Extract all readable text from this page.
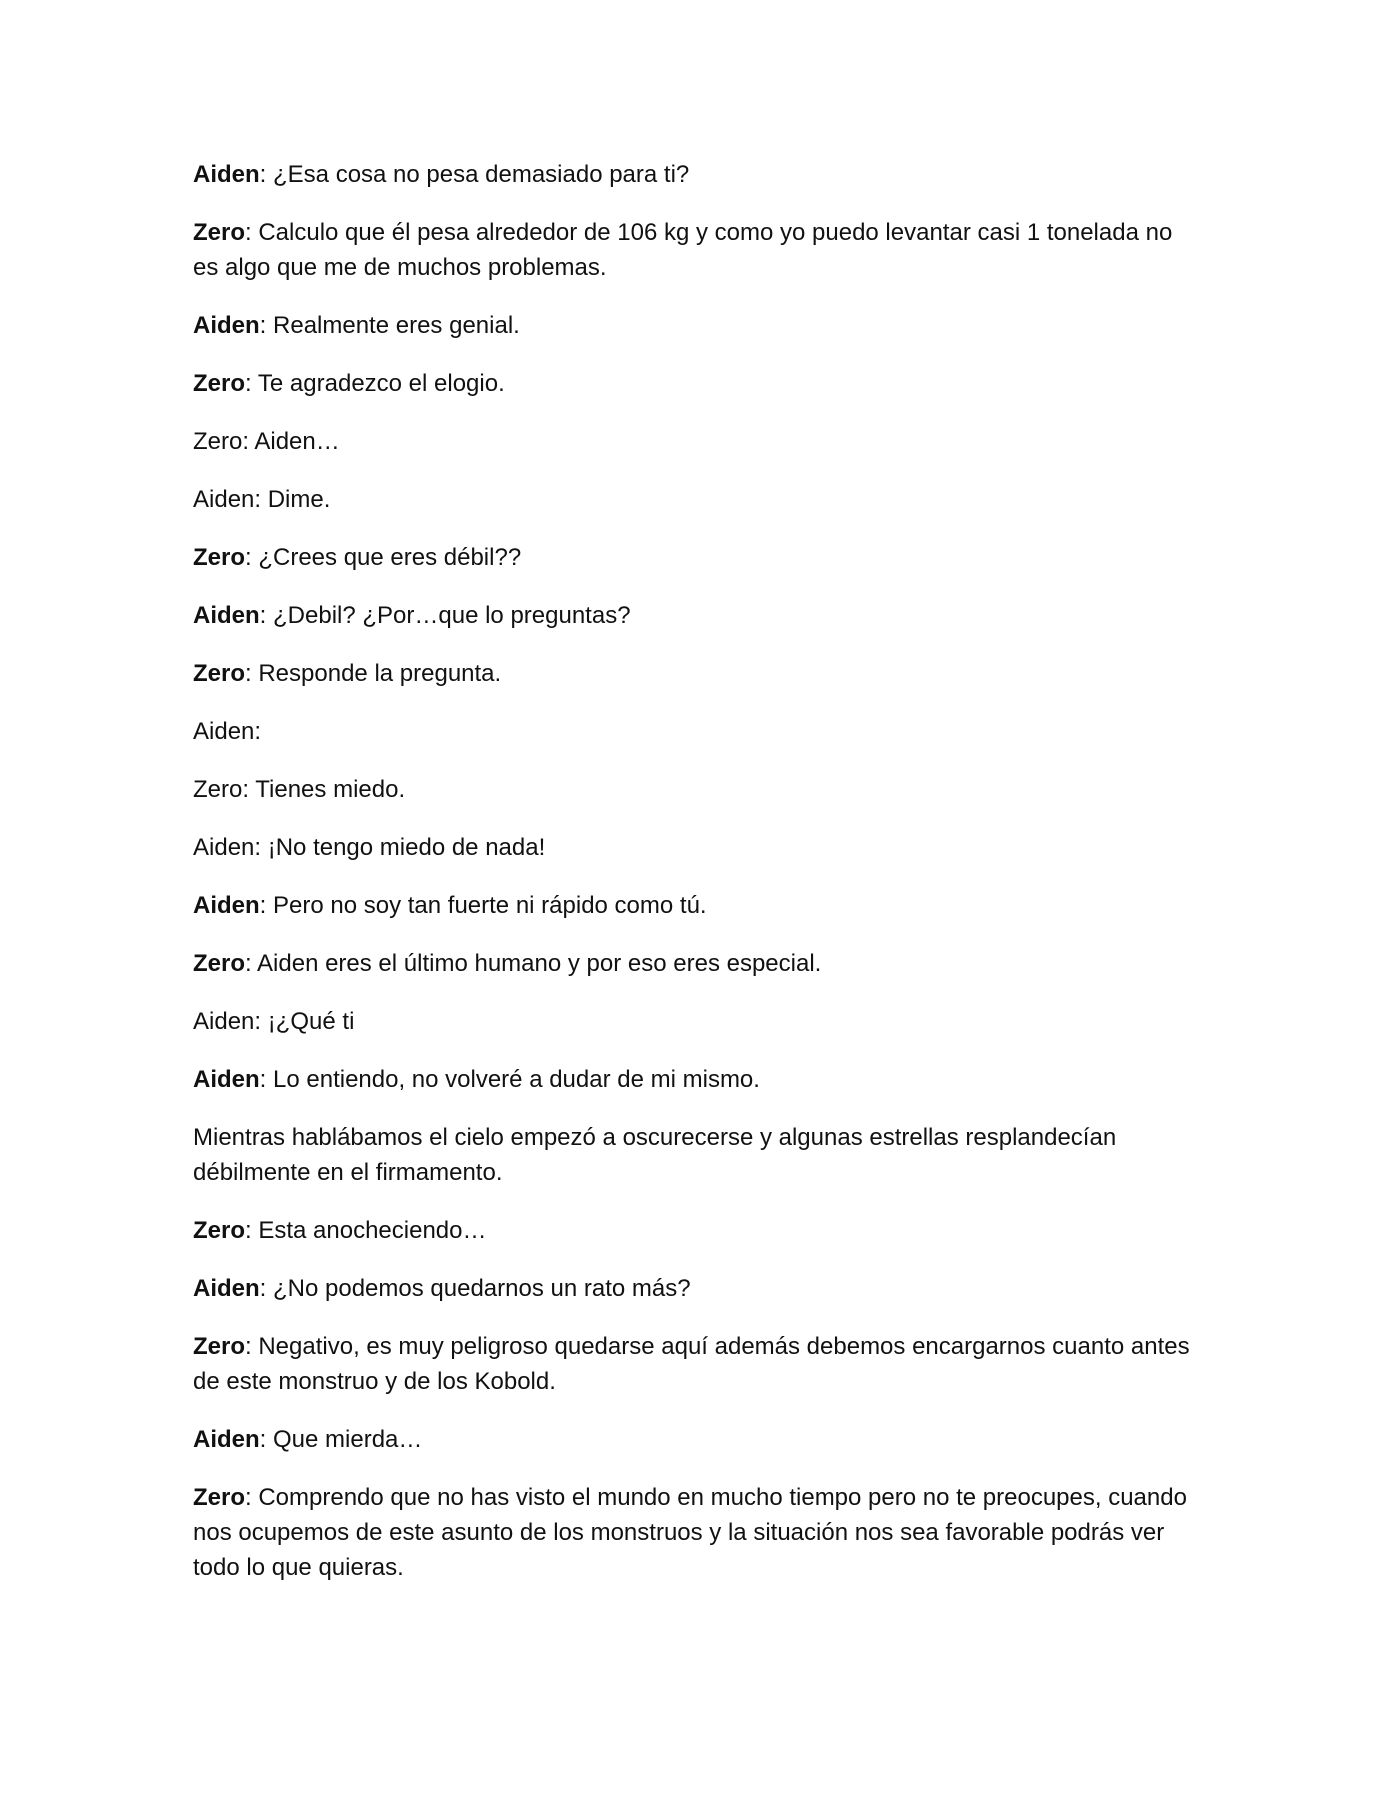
Aiden: ¿Esa cosa no pesa demasiado para ti?

Zero: Calculo que él pesa alrededor de 106 kg y como yo puedo levantar casi 1 tonelada no es algo que me de muchos problemas.

Aiden: Realmente eres genial.

Zero: Te agradezco el elogio.

Zero: Aiden…

Aiden: Dime.

Zero: ¿Crees que eres débil??

Aiden: ¿Debil? ¿Por…que lo preguntas?

Zero: Responde la pregunta.

Aiden:

Zero: Tienes miedo.

Aiden: ¡No tengo miedo de nada!

Aiden: Pero no soy tan fuerte ni rápido como tú.

Zero: Aiden eres el último humano y por eso eres especial.

Aiden: ¡¿Qué ti

Aiden: Lo entiendo, no volveré a dudar de mi mismo.

Mientras hablábamos el cielo empezó a oscurecerse y algunas estrellas resplandecían débilmente en el firmamento.

Zero: Esta anocheciendo…

Aiden: ¿No podemos quedarnos un rato más?

Zero: Negativo, es muy peligroso quedarse aquí además debemos encargarnos cuanto antes de este monstruo y de los Kobold.

Aiden: Que mierda…

Zero: Comprendo que no has visto el mundo en mucho tiempo pero no te preocupes, cuando nos ocupemos de este asunto de los monstruos y la situación nos sea favorable podrás ver todo lo que quieras.
